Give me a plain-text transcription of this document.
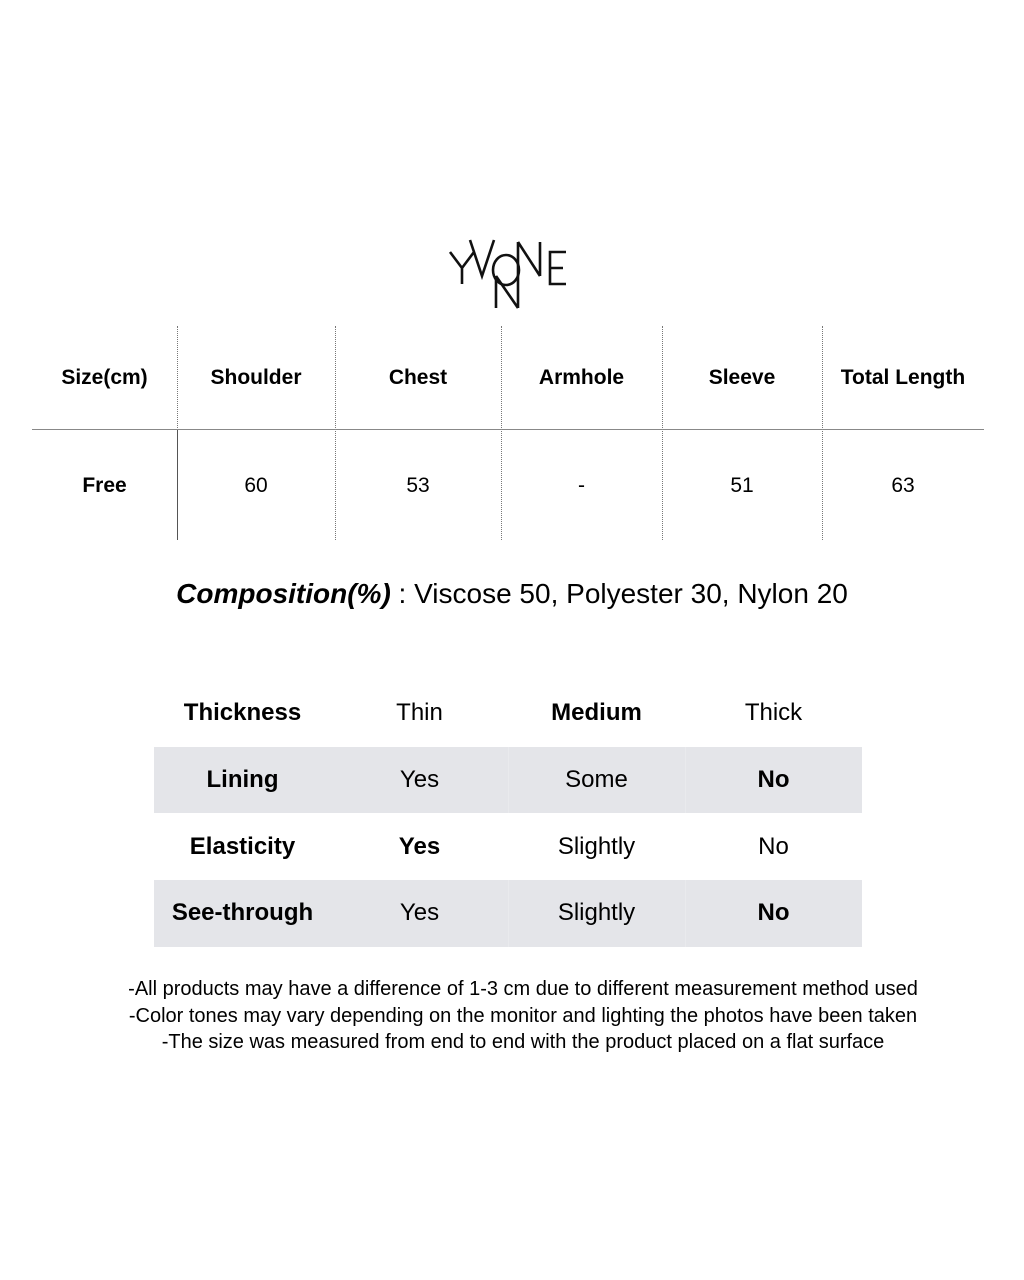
Size(cm)	Shoulder	Chest	Armhole	Sleeve	Total Length
Free	60	53	-	51	63
Composition(%) : Viscose 50, Polyester 30, Nylon 20
Thickness	Thin	Medium	Thick
Lining	Yes	Some	No
Elasticity	Yes	Slightly	No
See-through	Yes	Slightly	No
-All products may have a difference of 1-3 cm due to different measurement method used
-Color tones may vary depending on the monitor and lighting the photos have been taken
-The size was measured from end to end with the product placed on a flat surface
